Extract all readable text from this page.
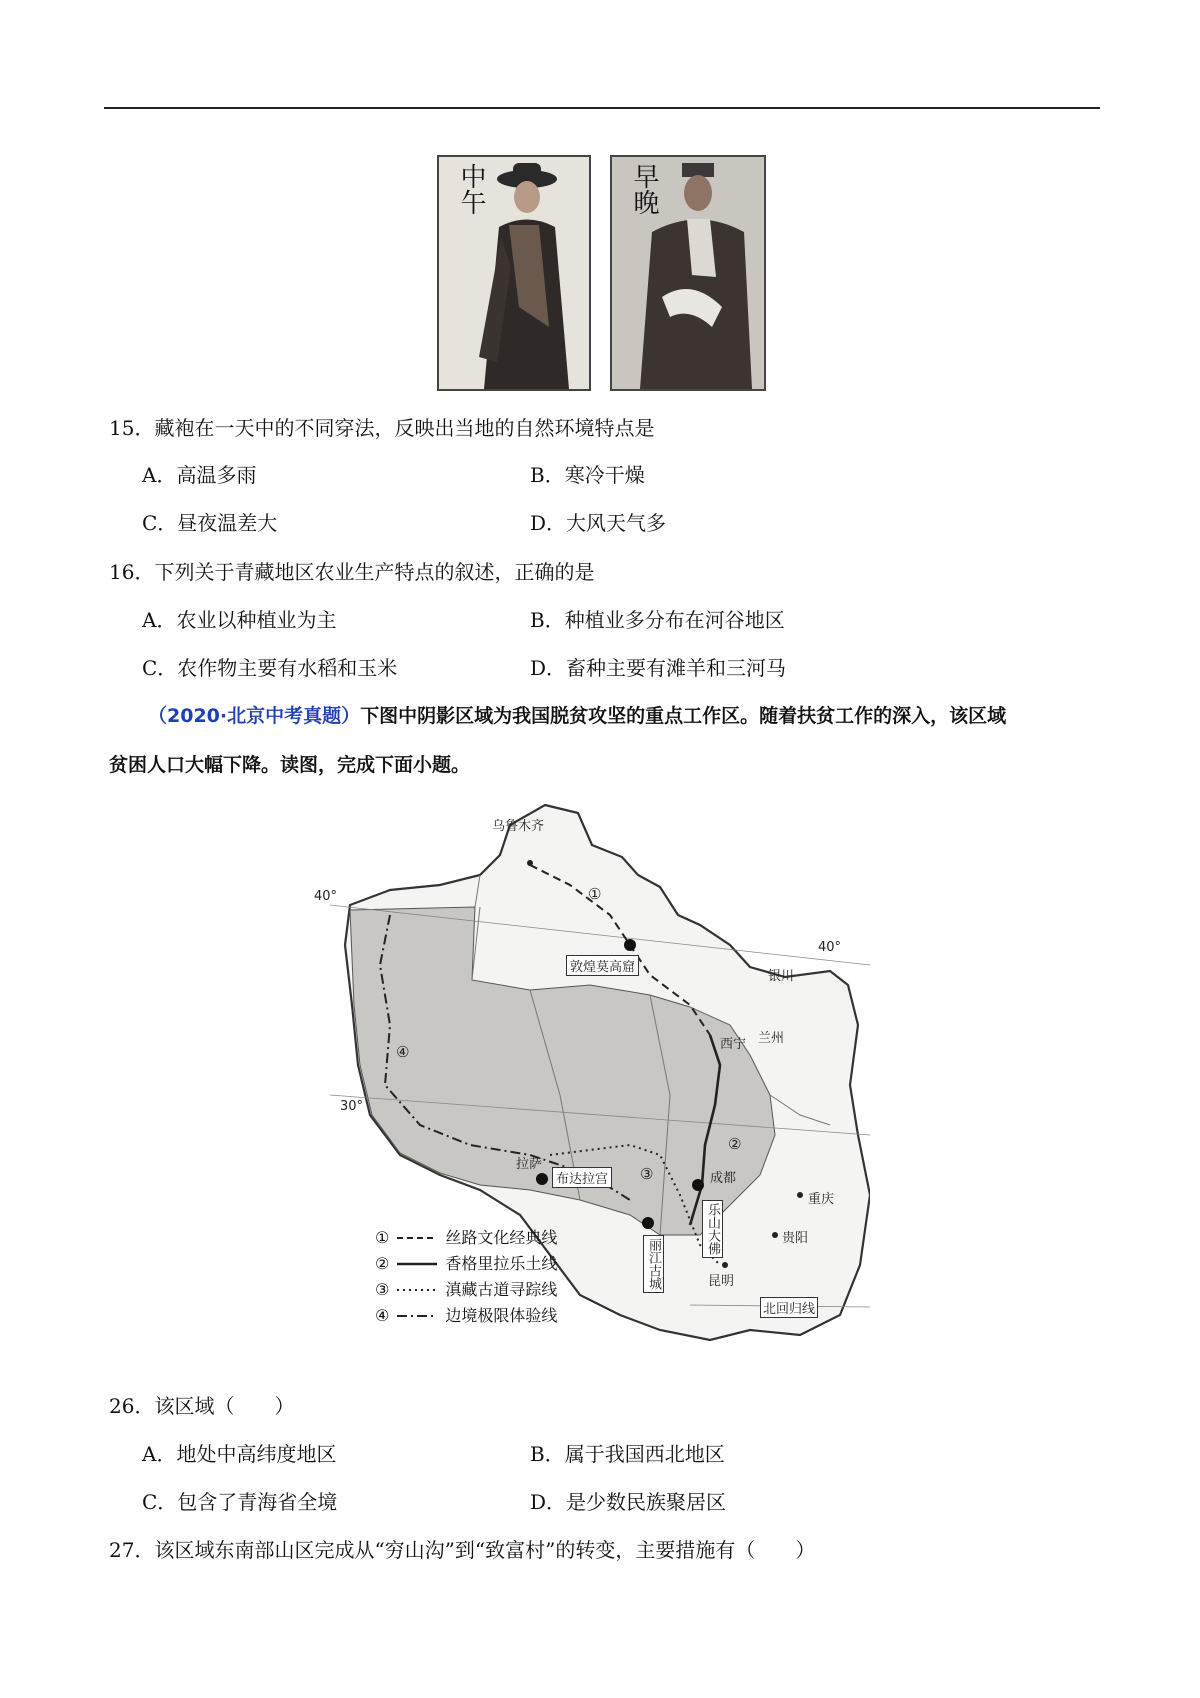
中午	早晚
15．藏袍在一天中的不同穿法，反映出当地的自然环境特点是
A．高温多雨	B．寒冷干燥
C．昼夜温差大	D．大风天气多
16．下列关于青藏地区农业生产特点的叙述，正确的是
A．农业以种植业为主	B．种植业多分布在河谷地区
C．农作物主要有水稻和玉米	D．畜种主要有滩羊和三河马
（2020·北京中考真题）下图中阴影区域为我国脱贫攻坚的重点工作区。随着扶贫工作的深入，该区域
贫困人口大幅下降。读图，完成下面小题。
乌鲁木齐
敦煌莫高窟
银川
兰州
西宁
拉萨
布达拉宫	成都
乐山大佛
重庆
贵阳
丽江古城	昆明
40°
40°
30°
北回归线
①
②
③
④
①	丝路文化经典线
②	香格里拉乐土线
③	滇藏古道寻踪线
④	边境极限体验线
26．该区域（　　）
A．地处中高纬度地区	B．属于我国西北地区
C．包含了青海省全境	D．是少数民族聚居区
27．该区域东南部山区完成从“穷山沟”到“致富村”的转变，主要措施有（　　）
